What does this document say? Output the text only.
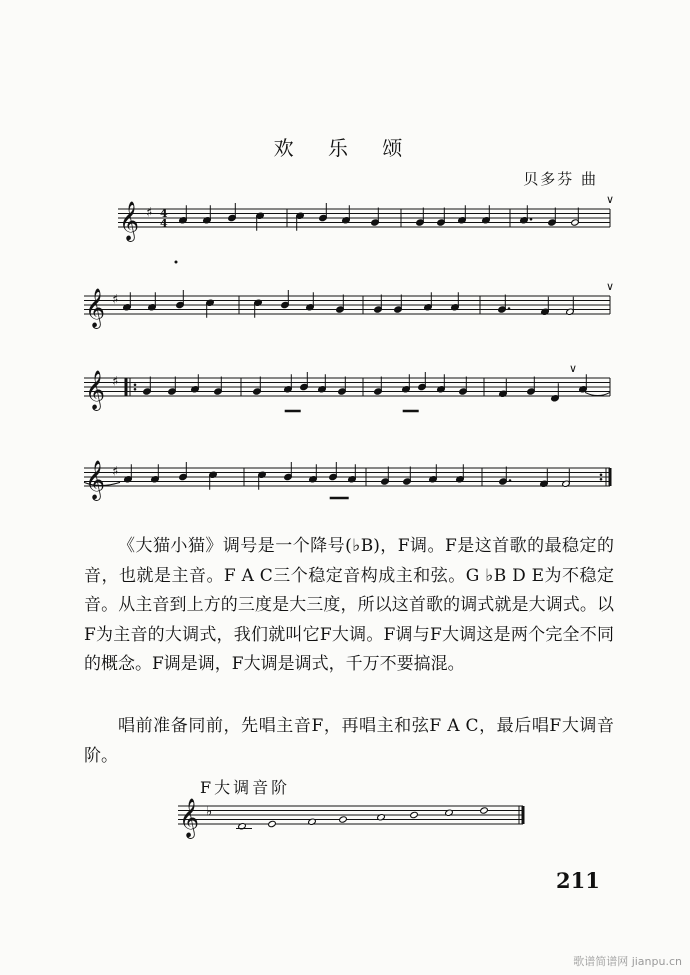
欢 乐 颂
贝多芬 曲
𝄞 ♯ 4
4
∨
𝄞 ♯
∨
𝄞 ♯
∨
𝄞 ♯
𝄞 ♭
《大猫小猫》调号是一个降号(♭B)，F调。F是这首歌的最稳定的音，也就是主音。F A C三个稳定音构成主和弦。G ♭B D E为不稳定音。从主音到上方的三度是大三度，所以这首歌的调式就是大调式。以F为主音的大调式，我们就叫它F大调。F调与F大调这是两个完全不同的概念。F调是调，F大调是调式，千万不要搞混。
唱前准备同前，先唱主音F，再唱主和弦F A C，最后唱F大调音阶。
F大调音阶
211
歌谱简谱网 jianpu.cn
